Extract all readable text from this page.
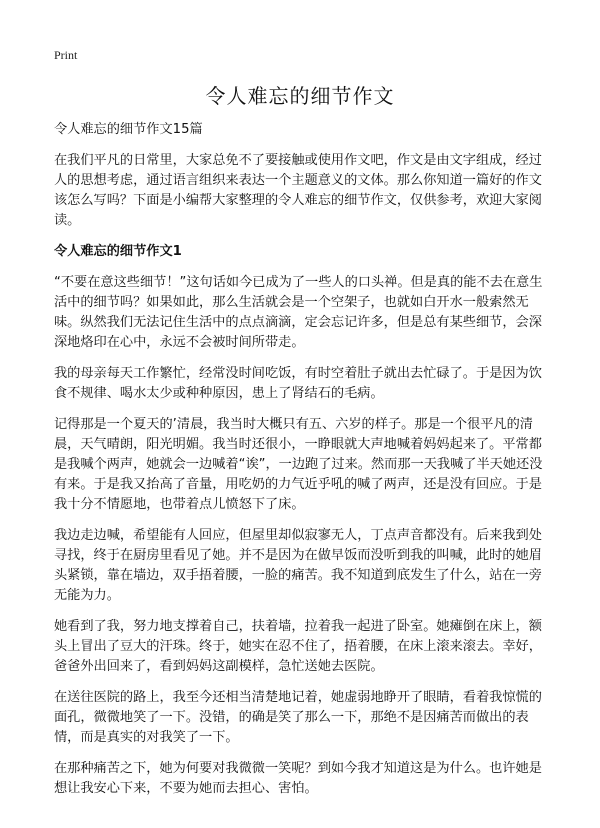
Print
令人难忘的细节作文

令人难忘的细节作文15篇

在我们平凡的日常里，大家总免不了要接触或使用作文吧，作文是由文字组成，经过人的思想考虑，通过语言组织来表达一个主题意义的文体。那么你知道一篇好的作文该怎么写吗？下面是小编帮大家整理的令人难忘的细节作文，仅供参考，欢迎大家阅读。

令人难忘的细节作文1

“不要在意这些细节！”这句话如今已成为了一些人的口头禅。但是真的能不去在意生活中的细节吗？如果如此，那么生活就会是一个空架子，也就如白开水一般索然无味。纵然我们无法记住生活中的点点滴滴，定会忘记许多，但是总有某些细节，会深深地烙印在心中，永远不会被时间所带走。

我的母亲每天工作繁忙，经常没时间吃饭，有时空着肚子就出去忙碌了。于是因为饮食不规律、喝水太少或种种原因，患上了肾结石的毛病。

记得那是一个夏天的’清晨，我当时大概只有五、六岁的样子。那是一个很平凡的清晨，天气晴朗，阳光明媚。我当时还很小，一睁眼就大声地喊着妈妈起来了。平常都是我喊个两声，她就会一边喊着“诶”，一边跑了过来。然而那一天我喊了半天她还没有来。于是我又抬高了音量，用吃奶的力气近乎吼的喊了两声，还是没有回应。于是我十分不情愿地，也带着点儿愤怒下了床。

我边走边喊，希望能有人回应，但屋里却似寂寥无人，丁点声音都没有。后来我到处寻找，终于在厨房里看见了她。并不是因为在做早饭而没听到我的叫喊，此时的她眉头紧锁，靠在墙边，双手捂着腰，一脸的痛苦。我不知道到底发生了什么，站在一旁无能为力。

她看到了我，努力地支撑着自己，扶着墙，拉着我一起进了卧室。她瘫倒在床上，额头上冒出了豆大的汗珠。终于，她实在忍不住了，捂着腰，在床上滚来滚去。幸好，爸爸外出回来了，看到妈妈这副模样，急忙送她去医院。

在送往医院的路上，我至今还相当清楚地记着，她虚弱地睁开了眼睛，看着我惊慌的面孔，微微地笑了一下。没错，的确是笑了那么一下，那绝不是因痛苦而做出的表情，而是真实的对我笑了一下。

在那种痛苦之下，她为何要对我微微一笑呢？到如今我才知道这是为什么。也许她是想让我安心下来，不要为她而去担心、害怕。
